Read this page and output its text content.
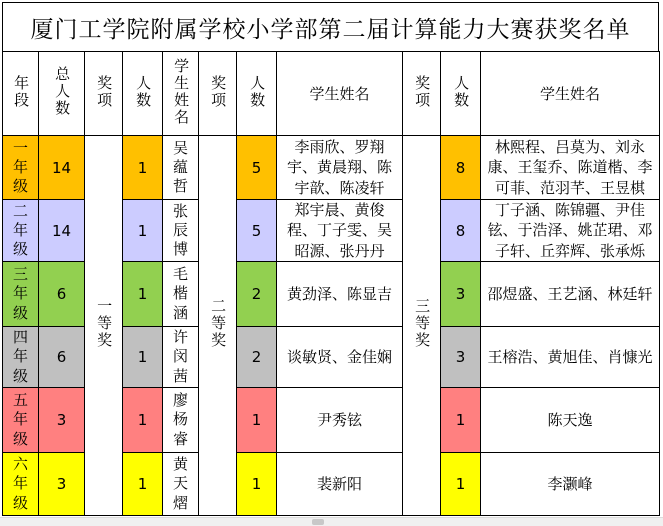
厦门工学院附属学校小学部第二届计算能力大赛获奖名单
年段	总人数	奖项	人数	学生姓名	奖项	人数	学生姓名	奖项	人数	学生姓名
一年级	14	一等奖	1	吴蕴哲	二等奖	5	李雨欣、罗翔宇、黄晨翔、陈宇歆、陈凌轩	三等奖	8	林熙程、吕莫为、刘永康、王玺乔、陈道楷、李可菲、范羽芊、王昱棋
二年级	14		1	张辰博		5	郑宇晨、黄俊程、丁子雯、吴昭源、张丹丹		8	丁子涵、陈锦疆、尹佳铉、于浩泽、姚芷珺、邓子轩、丘弈辉、张承烁
三年级	6		1	毛楷涵		2	黄劲泽、陈显吉		3	邵煜盛、王艺涵、林廷轩
四年级	6		1	许闵茜		2	谈敏贤、金佳娴		3	王榕浩、黄旭佳、肖慷光
五年级	3		1	廖杨睿		1	尹秀铉		1	陈天逸
六年级	3		1	黄天熠		1	裴新阳		1	李灏峰
